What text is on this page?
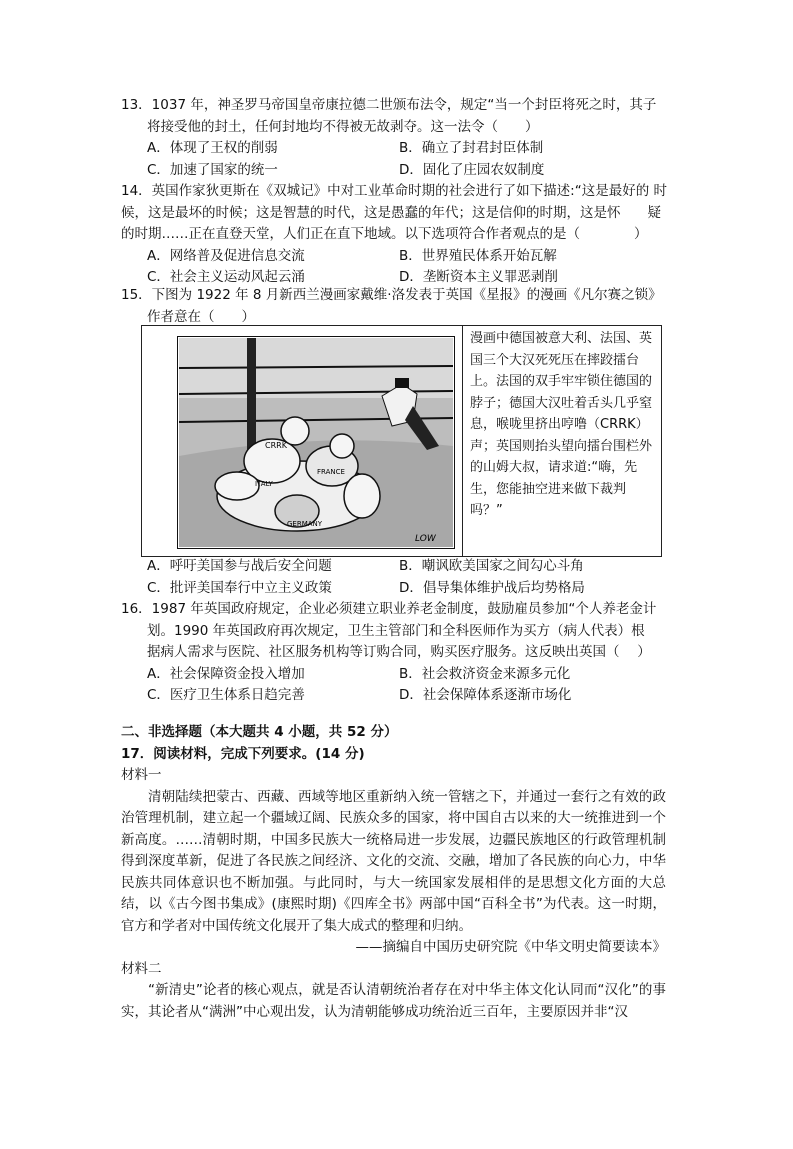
13．1037 年，神圣罗马帝国皇帝康拉德二世颁布法令，规定“当一个封臣将死之时，其子
将接受他的封土，任何封地均不得被无故剥夺。这一法令（　　）
A．体现了王权的削弱	B．确立了封君封臣体制
C．加速了国家的统一	D．固化了庄园农奴制度
14．英国作家狄更斯在《双城记》中对工业革命时期的社会进行了如下描述:“这是最好的 时
候，这是最坏的时候；这是智慧的时代，这是愚蠢的年代；这是信仰的时期，这是怀　　疑
的时期……正在直登天堂，人们正在直下地域。以下选项符合作者观点的是（　　　　）
A．网络普及促进信息交流	B．世界殖民体系开始瓦解
C．社会主义运动风起云涌	D．垄断资本主义罪恶剥削
15．下图为 1922 年 8 月新西兰漫画家戴维·洛发表于英国《星报》的漫画《凡尔赛之锁》
作者意在（　　）
CRRK
ITALY
FRANCE
GERMANY
LOW
漫画中德国被意大利、法国、英国三个大汉死死压在摔跤擂台上。法国的双手牢牢锁住德国的脖子；德国大汉吐着舌头几乎窒息，喉咙里挤出哼噜（CRRK）声；英国则抬头望向擂台围栏外的山姆大叔，请求道:“嗨，先生，您能抽空进来做下裁判吗？”
A．呼吁美国参与战后安全问题	B．嘲讽欧美国家之间勾心斗角
C．批评美国奉行中立主义政策	D．倡导集体维护战后均势格局
16．1987 年英国政府规定，企业必须建立职业养老金制度，鼓励雇员参加“个人养老金计
划。1990 年英国政府再次规定，卫生主管部门和全科医师作为买方（病人代表）根
据病人需求与医院、社区服务机构等订购合同，购买医疗服务。这反映出英国（　 ）
A．社会保障资金投入增加	B．社会救济资金来源多元化
C．医疗卫生体系日趋完善	D．社会保障体系逐渐市场化
二、非选择题（本大题共 4 小题，共 52 分）
17．阅读材料，完成下列要求。(14 分)
材料一
清朝陆续把蒙古、西藏、西域等地区重新纳入统一管辖之下，并通过一套行之有效的政治管理机制，建立起一个疆域辽阔、民族众多的国家，将中国自古以来的大一统推进到一个新高度。……清朝时期，中国多民族大一统格局进一步发展，边疆民族地区的行政管理机制得到深度革新，促进了各民族之间经济、文化的交流、交融，增加了各民族的向心力，中华民族共同体意识也不断加强。与此同时，与大一统国家发展相伴的是思想文化方面的大总结，以《古今图书集成》(康熙时期)《四库全书》两部中国“百科全书”为代表。这一时期，官方和学者对中国传统文化展开了集大成式的整理和归纳。
——摘编自中国历史研究院《中华文明史简要读本》
材料二
“新清史”论者的核心观点，就是否认清朝统治者存在对中华主体文化认同而“汉化”的事实，其论者从“满洲”中心观出发，认为清朝能够成功统治近三百年，主要原因并非“汉
